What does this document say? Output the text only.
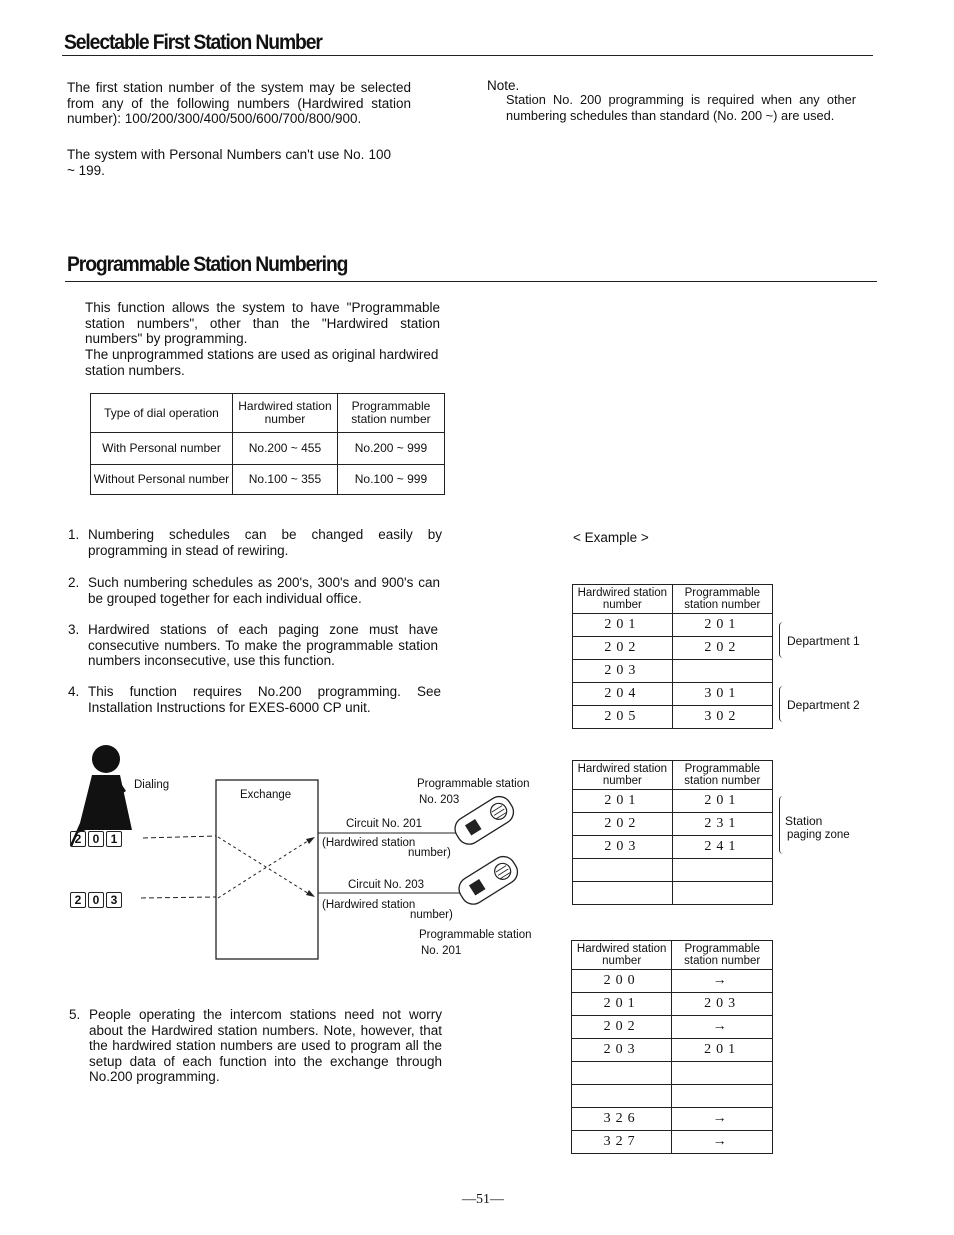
Selectable First Station Number
The first station number of the system may be selected from any of the following numbers (Hardwired station number): 100/200/300/400/500/600/700/800/900.
The system with Personal Numbers can't use No. 100 ~ 199.
Note.
Station No. 200 programming is required when any other numbering schedules than standard (No. 200 ~) are used.
Programmable Station Numbering
This function allows the system to have "Programmable station numbers", other than the "Hardwired station numbers" by programming.
The unprogrammed stations are used as original hardwired station numbers.
Type of dial operation	Hardwired station number	Programmable station number
With Personal number	No.200 ~ 455	No.200 ~ 999
Without Personal number	No.100 ~ 355	No.100 ~ 999
1. Numbering schedules can be changed easily by programming in stead of rewiring.
2. Such numbering schedules as 200's, 300's and 900's can be grouped together for each individual office.
3. Hardwired stations of each paging zone must have consecutive numbers. To make the programmable station numbers inconsecutive, use this function.
4. This function requires No.200 programming. See Installation Instructions for EXES-6000 CP unit.
5. People operating the intercom stations need not worry about the Hardwired station numbers. Note, however, that the hardwired station numbers are used to program all the setup data of each function into the exchange through No.200 programming.
Dialing
Exchange
2 0 1
2 0 3
Programmable station
No. 203
Circuit No. 201
(Hardwired station
number)
Circuit No. 203
(Hardwired station
number)
Programmable station
No. 201
< Example >
Hardwired station number	Programmable station number
201	201
202	202
203	
204	301
205	302
Department 1
Department 2
Hardwired station number	Programmable station number
201	201
202	231
203	241

Station
paging zone
Hardwired station number	Programmable station number
200	→
201	203
202	→
203	201

326	→
327	→
—51—
